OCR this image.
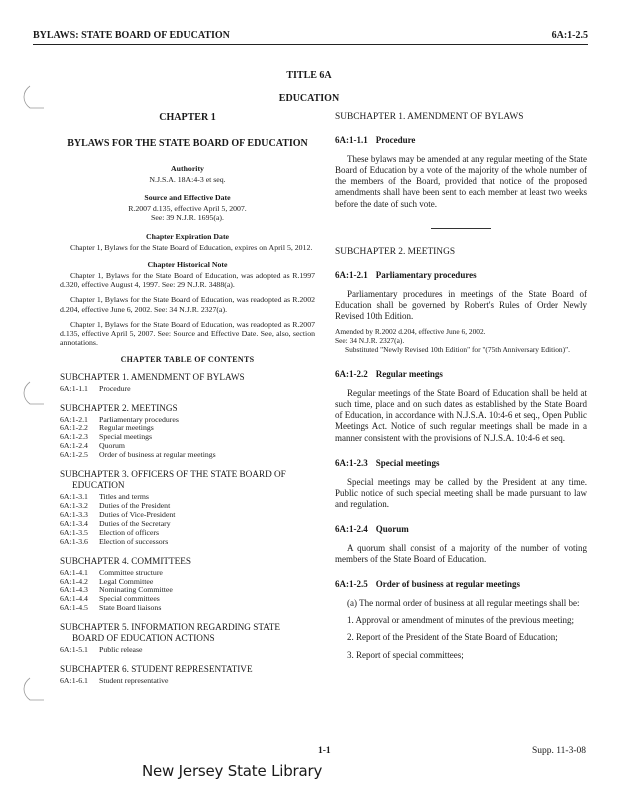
BYLAWS: STATE BOARD OF EDUCATION	6A:1-2.5
TITLE 6A
EDUCATION
CHAPTER 1
BYLAWS FOR THE STATE BOARD OF EDUCATION
Authority
N.J.S.A. 18A:4-3 et seq.
Source and Effective Date
R.2007 d.135, effective April 5, 2007.
See: 39 N.J.R. 1695(a).
Chapter Expiration Date
Chapter 1, Bylaws for the State Board of Education, expires on April 5, 2012.
Chapter Historical Note
Chapter 1, Bylaws for the State Board of Education, was adopted as R.1997 d.320, effective August 4, 1997. See: 29 N.J.R. 3488(a).
Chapter 1, Bylaws for the State Board of Education, was readopted as R.2002 d.204, effective June 6, 2002. See: 34 N.J.R. 2327(a).
Chapter 1, Bylaws for the State Board of Education, was readopted as R.2007 d.135, effective April 5, 2007. See: Source and Effective Date. See, also, section annotations.
CHAPTER TABLE OF CONTENTS
SUBCHAPTER 1. AMENDMENT OF BYLAWS
6A:1-1.1	Procedure
SUBCHAPTER 2. MEETINGS
6A:1-2.1	Parliamentary procedures
6A:1-2.2	Regular meetings
6A:1-2.3	Special meetings
6A:1-2.4	Quorum
6A:1-2.5	Order of business at regular meetings
SUBCHAPTER 3. OFFICERS OF THE STATE BOARD OF
EDUCATION
6A:1-3.1	Titles and terms
6A:1-3.2	Duties of the President
6A:1-3.3	Duties of Vice-President
6A:1-3.4	Duties of the Secretary
6A:1-3.5	Election of officers
6A:1-3.6	Election of successors
SUBCHAPTER 4. COMMITTEES
6A:1-4.1	Committee structure
6A:1-4.2	Legal Committee
6A:1-4.3	Nominating Committee
6A:1-4.4	Special committees
6A:1-4.5	State Board liaisons
SUBCHAPTER 5. INFORMATION REGARDING STATE
BOARD OF EDUCATION ACTIONS
6A:1-5.1	Public release
SUBCHAPTER 6. STUDENT REPRESENTATIVE
6A:1-6.1	Student representative
SUBCHAPTER 1. AMENDMENT OF BYLAWS
6A:1-1.1 Procedure
These bylaws may be amended at any regular meeting of the State Board of Education by a vote of the majority of the whole number of the members of the Board, provided that notice of the proposed amendments shall have been sent to each member at least two weeks before the date of such vote.
SUBCHAPTER 2. MEETINGS
6A:1-2.1 Parliamentary procedures
Parliamentary procedures in meetings of the State Board of Education shall be governed by Robert's Rules of Order Newly Revised 10th Edition.
Amended by R.2002 d.204, effective June 6, 2002.
See: 34 N.J.R. 2327(a).
Substituted "Newly Revised 10th Edition" for "(75th Anniversary Edition)".
6A:1-2.2 Regular meetings
Regular meetings of the State Board of Education shall be held at such time, place and on such dates as established by the State Board of Education, in accordance with N.J.S.A. 10:4-6 et seq., Open Public Meetings Act. Notice of such regular meetings shall be made in a manner consistent with the provisions of N.J.S.A. 10:4-6 et seq.
6A:1-2.3 Special meetings
Special meetings may be called by the President at any time. Public notice of such special meeting shall be made pursuant to law and regulation.
6A:1-2.4 Quorum
A quorum shall consist of a majority of the number of voting members of the State Board of Education.
6A:1-2.5 Order of business at regular meetings
(a) The normal order of business at all regular meetings shall be:
1. Approval or amendment of minutes of the previous meeting;
2. Report of the President of the State Board of Education;
3. Report of special committees;
1-1	Supp. 11-3-08
New Jersey State Library
